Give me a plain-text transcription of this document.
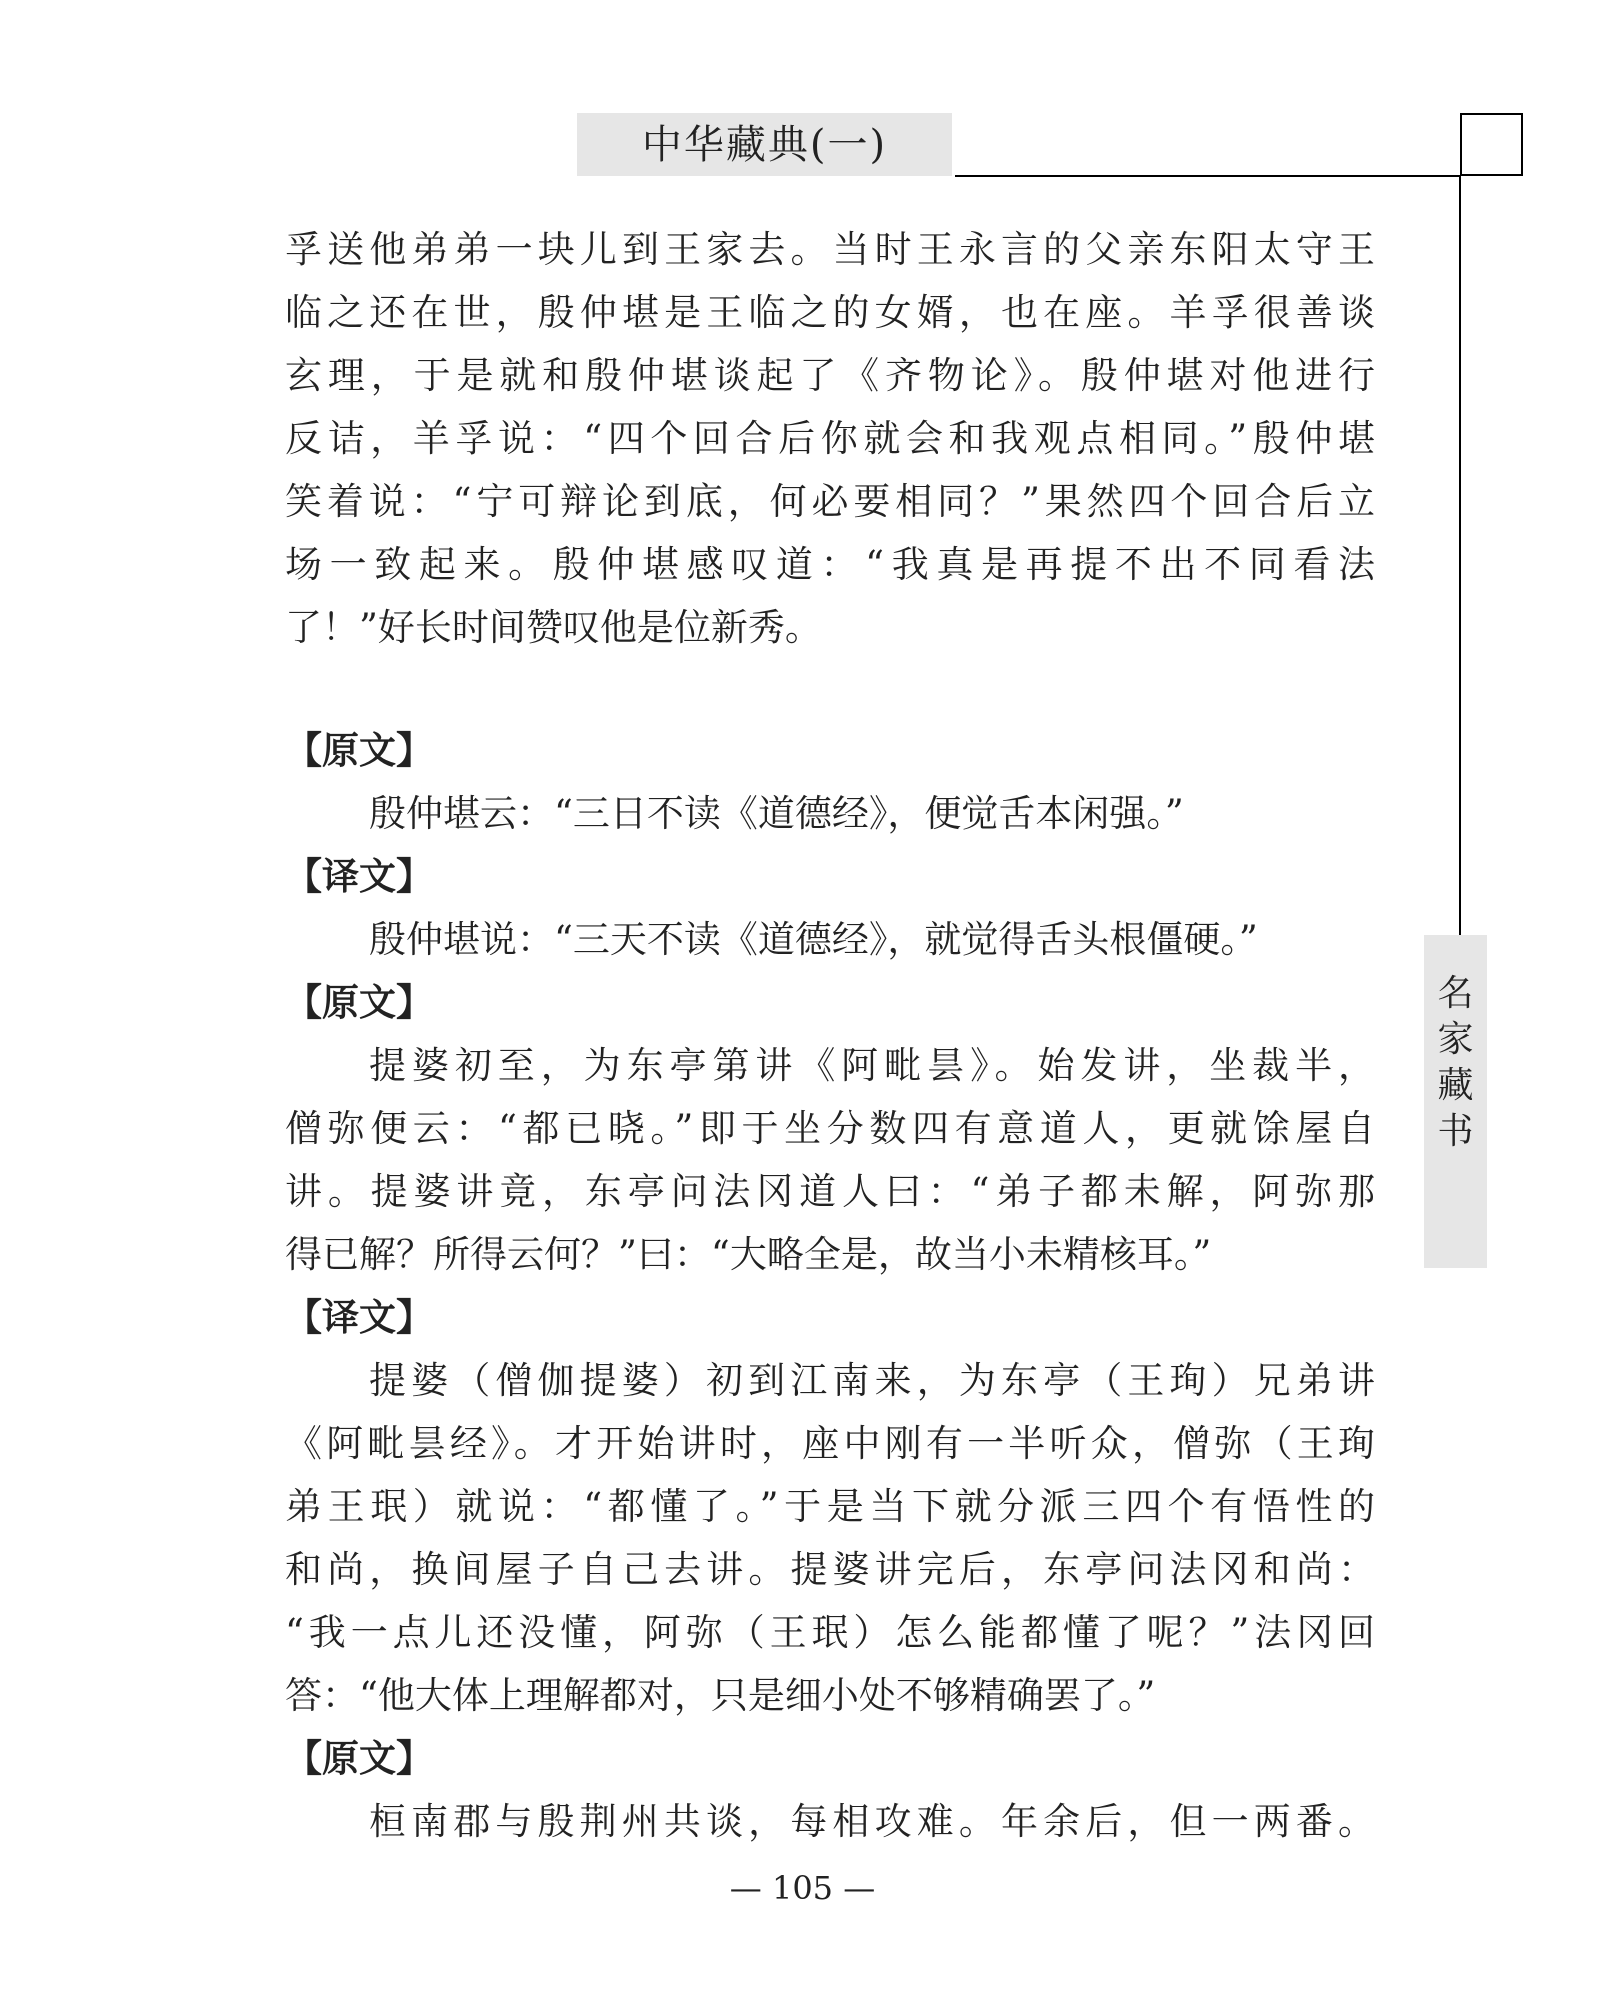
中华藏典(一)
名
家
藏
书
孚送他弟弟一块儿到王家去。当时王永言的父亲东阳太守王
临之还在世，殷仲堪是王临之的女婿，也在座。羊孚很善谈
玄理，于是就和殷仲堪谈起了《齐物论》。殷仲堪对他进行
反诘，羊孚说：“四个回合后你就会和我观点相同。”殷仲堪
笑着说：“宁可辩论到底，何必要相同？”果然四个回合后立
场一致起来。殷仲堪感叹道：“我真是再提不出不同看法
了！”好长时间赞叹他是位新秀。
【原文】
殷仲堪云：“三日不读《道德经》，便觉舌本闲强。”
【译文】
殷仲堪说：“三天不读《道德经》，就觉得舌头根僵硬。”
【原文】
提婆初至，为东亭第讲《阿毗昙》。始发讲，坐裁半，
僧弥便云：“都已晓。”即于坐分数四有意道人，更就馀屋自
讲。提婆讲竟，东亭问法冈道人曰：“弟子都未解，阿弥那
得已解？所得云何？”曰：“大略全是，故当小未精核耳。”
【译文】
提婆（僧伽提婆）初到江南来，为东亭（王珣）兄弟讲
《阿毗昙经》。才开始讲时，座中刚有一半听众，僧弥（王珣
弟王珉）就说：“都懂了。”于是当下就分派三四个有悟性的
和尚，换间屋子自己去讲。提婆讲完后，东亭问法冈和尚：
“我一点儿还没懂，阿弥（王珉）怎么能都懂了呢？”法冈回
答：“他大体上理解都对，只是细小处不够精确罢了。”
【原文】
桓南郡与殷荆州共谈，每相攻难。年余后，但一两番。
— 105 —
